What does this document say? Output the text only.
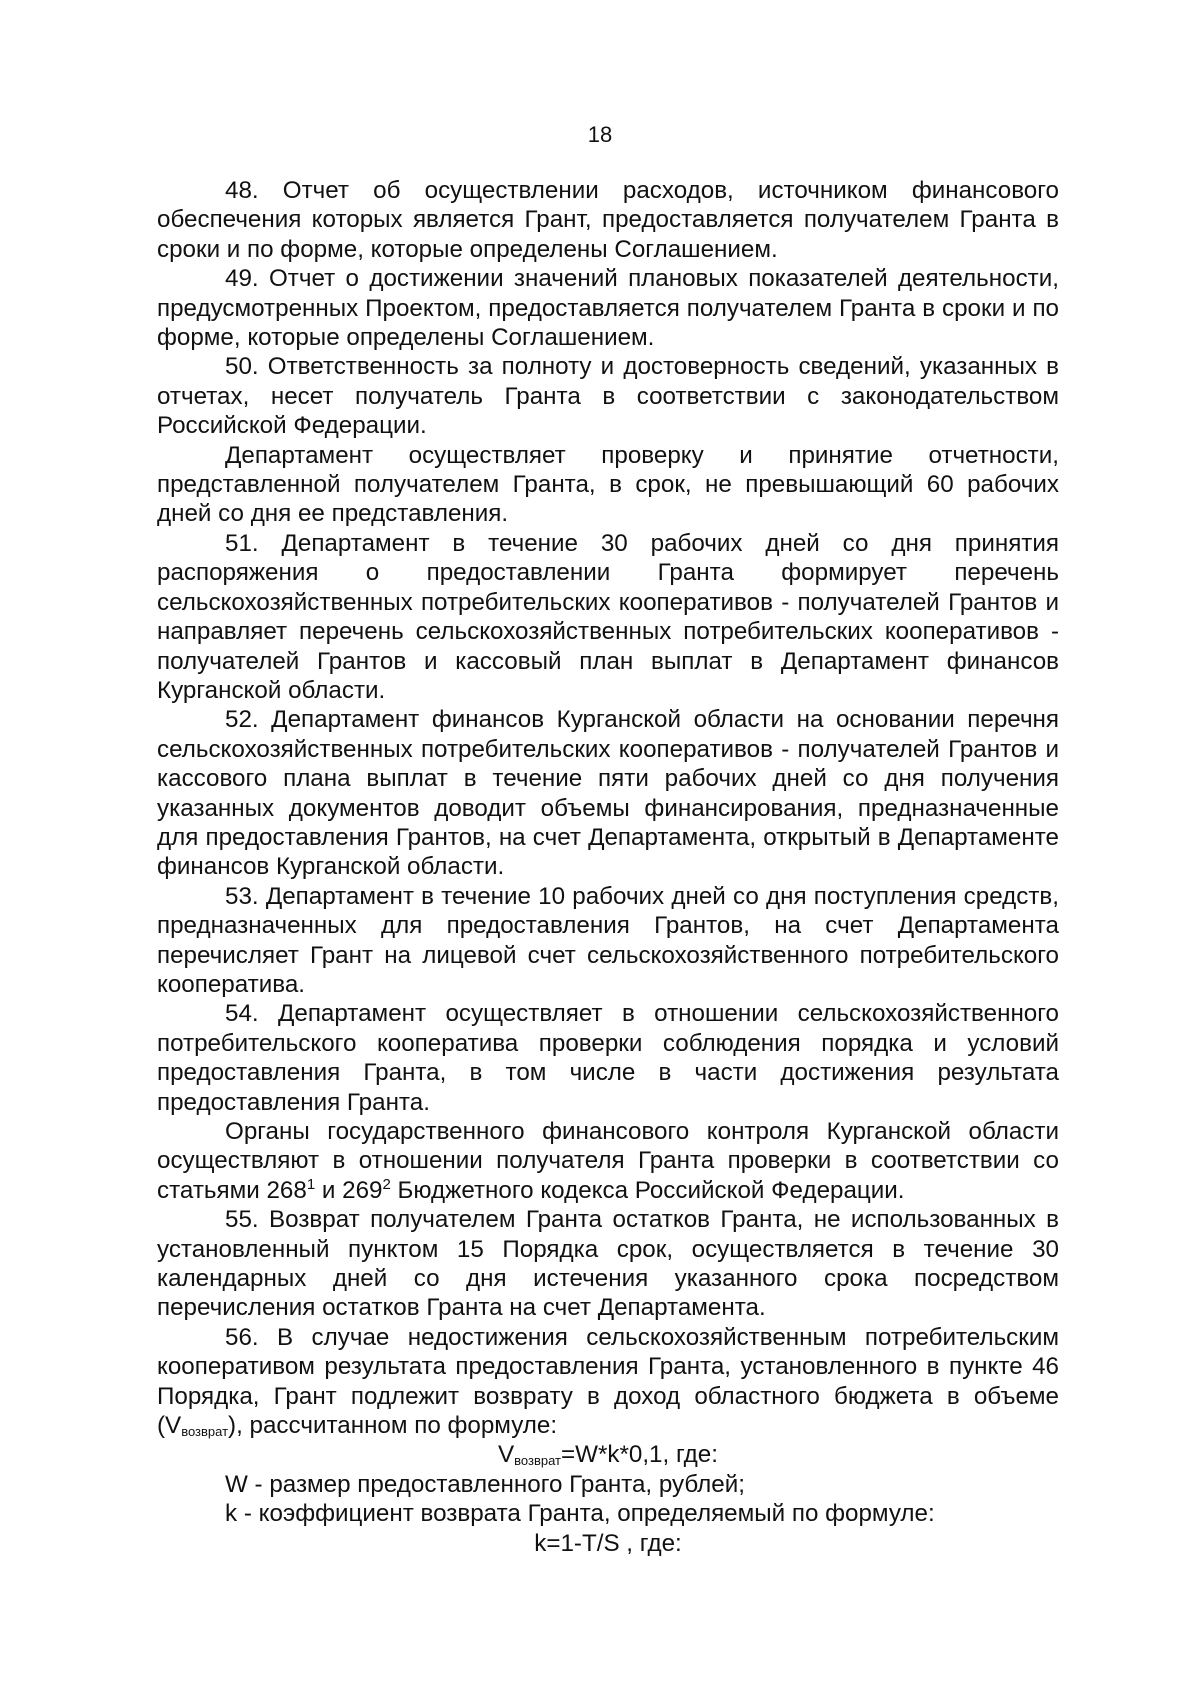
18

48. Отчет об осуществлении расходов, источником финансового обеспечения которых является Грант, предоставляется получателем Гранта в сроки и по форме, которые определены Соглашением.

49. Отчет о достижении значений плановых показателей деятельности, предусмотренных Проектом, предоставляется получателем Гранта в сроки и по форме, которые определены Соглашением.

50. Ответственность за полноту и достоверность сведений, указанных в отчетах, несет получатель Гранта в соответствии с законодательством Российской Федерации.

Департамент осуществляет проверку и принятие отчетности, представленной получателем Гранта, в срок, не превышающий 60 рабочих дней со дня ее представления.

51. Департамент в течение 30 рабочих дней со дня принятия распоряжения о предоставлении Гранта формирует перечень сельскохозяйственных потребительских кооперативов - получателей Грантов и направляет перечень сельскохозяйственных потребительских кооперативов - получателей Грантов и кассовый план выплат в Департамент финансов Курганской области.

52. Департамент финансов Курганской области на основании перечня сельскохозяйственных потребительских кооперативов - получателей Грантов и кассового плана выплат в течение пяти рабочих дней со дня получения указанных документов доводит объемы финансирования, предназначенные для предоставления Грантов, на счет Департамента, открытый в Департаменте финансов Курганской области.

53. Департамент в течение 10 рабочих дней со дня поступления средств, предназначенных для предоставления Грантов, на счет Департамента перечисляет Грант на лицевой счет сельскохозяйственного потребительского кооператива.

54. Департамент осуществляет в отношении сельскохозяйственного потребительского кооператива проверки соблюдения порядка и условий предоставления Гранта, в том числе в части достижения результата предоставления Гранта.

Органы государственного финансового контроля Курганской области осуществляют в отношении получателя Гранта проверки в соответствии со статьями $268^1$ и $269^2$ Бюджетного кодекса Российской Федерации.

55. Возврат получателем Гранта остатков Гранта, не использованных в установленный пунктом 15 Порядка срок, осуществляется в течение 30 календарных дней со дня истечения указанного срока посредством перечисления остатков Гранта на счет Департамента.

56. В случае недостижения сельскохозяйственным потребительским кооперативом результата предоставления Гранта, установленного в пункте 46 Порядка, Грант подлежит возврату в доход областного бюджета в объеме $(V_{возврат})$, рассчитанном по формуле:

$V_{возврат}=W*k*0,1$, где:

W - размер предоставленного Гранта, рублей;

k - коэффициент возврата Гранта, определяемый по формуле:

k=1-T/S , где:
